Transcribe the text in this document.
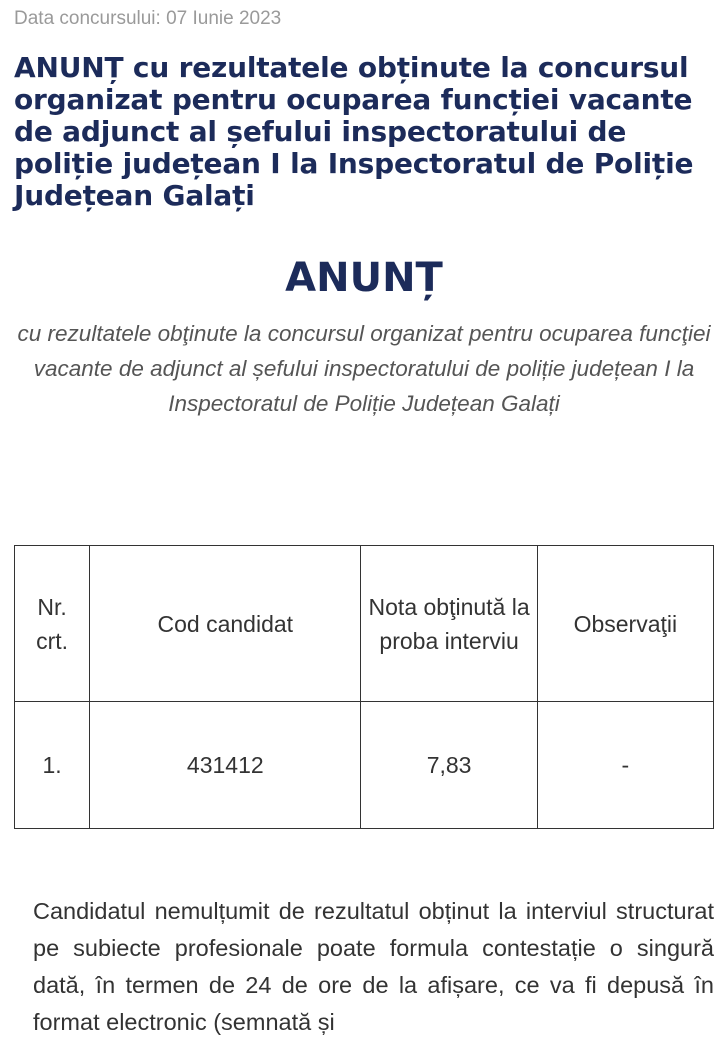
Data concursului: 07 Iunie 2023
ANUNȚ cu rezultatele obținute la concursul organizat pentru ocuparea funcției vacante de adjunct al șefului inspectoratului de poliție județean I la Inspectoratul de Poliție Județean Galați
ANUNȚ

cu rezultatele obţinute la concursul organizat pentru ocuparea funcţiei vacante de adjunct al șefului inspectoratului de poliție județean I la Inspectoratul de Poliție Județean Galați

Nr. crt.	Cod candidat	Nota obţinută la proba interviu	Observaţii
1.	431412	7,83	-

Candidatul nemulțumit de rezultatul obținut la interviul structurat pe subiecte profesionale poate formula contestație o singură dată, în termen de 24 de ore de la afișare, ce va fi depusă în format electronic (semnată și
